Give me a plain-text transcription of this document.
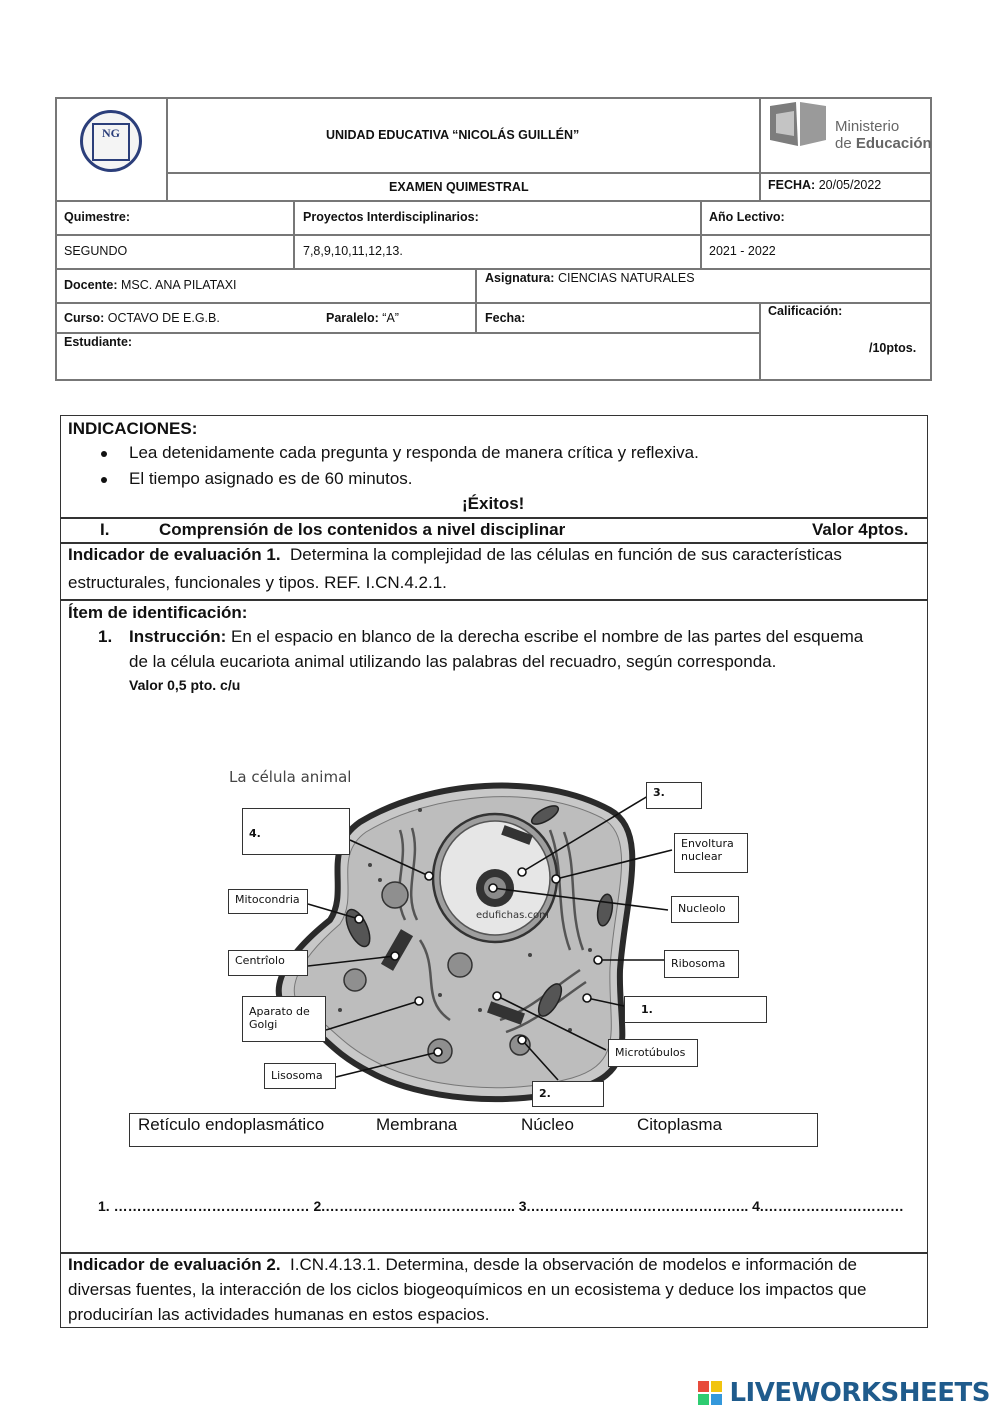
NG	UNIDAD EDUCATIVA “NICOLÁS GUILLÉN”
EXAMEN QUIMESTRAL
Ministerio
de Educación
FECHA: 20/05/2022
Quimestre:	Proyectos Interdisciplinarios:	Año Lectivo:
SEGUNDO	7,8,9,10,11,12,13.	2021 - 2022
Docente: MSC. ANA PILATAXI	Asignatura: CIENCIAS NATURALES
Curso: OCTAVO DE E.G.B.	Paralelo: “A”	Fecha:	Calificación:
/10ptos.
Estudiante:
INDICACIONES:
Lea detenidamente cada pregunta y responda de manera crítica y reflexiva.
El tiempo asignado es de 60 minutos.
¡Éxitos!
I.	Comprensión de los contenidos a nivel disciplinar	Valor 4ptos.
Indicador de evaluación 1. Determina la complejidad de las células en función de sus características
estructurales, funcionales y tipos. REF. I.CN.4.2.1.
Ítem de identificación:
1. Instrucción: En el espacio en blanco de la derecha escribe el nombre de las partes del esquema
de la célula eucariota animal utilizando las palabras del recuadro, según corresponda.
Valor 0,5 pto. c/u
La célula animal
edufichas.com
3.
4.
Envoltura nuclear
Mitocondria
Nucleolo
Centrîolo	Ribosoma
Aparato de Golgi
1.
Microtúbulos
Lisosoma
2.
Retículo endoplasmático	Membrana	Núcleo	Citoplasma
1. …………………………………… 2.………………………………….. 3.……………………………………….. 4.…………………………
Indicador de evaluación 2. I.CN.4.13.1. Determina, desde la observación de modelos e información de
diversas fuentes, la interacción de los ciclos biogeoquímicos en un ecosistema y deduce los impactos que
producirían las actividades humanas en estos espacios.
LIVEWORKSHEETS
